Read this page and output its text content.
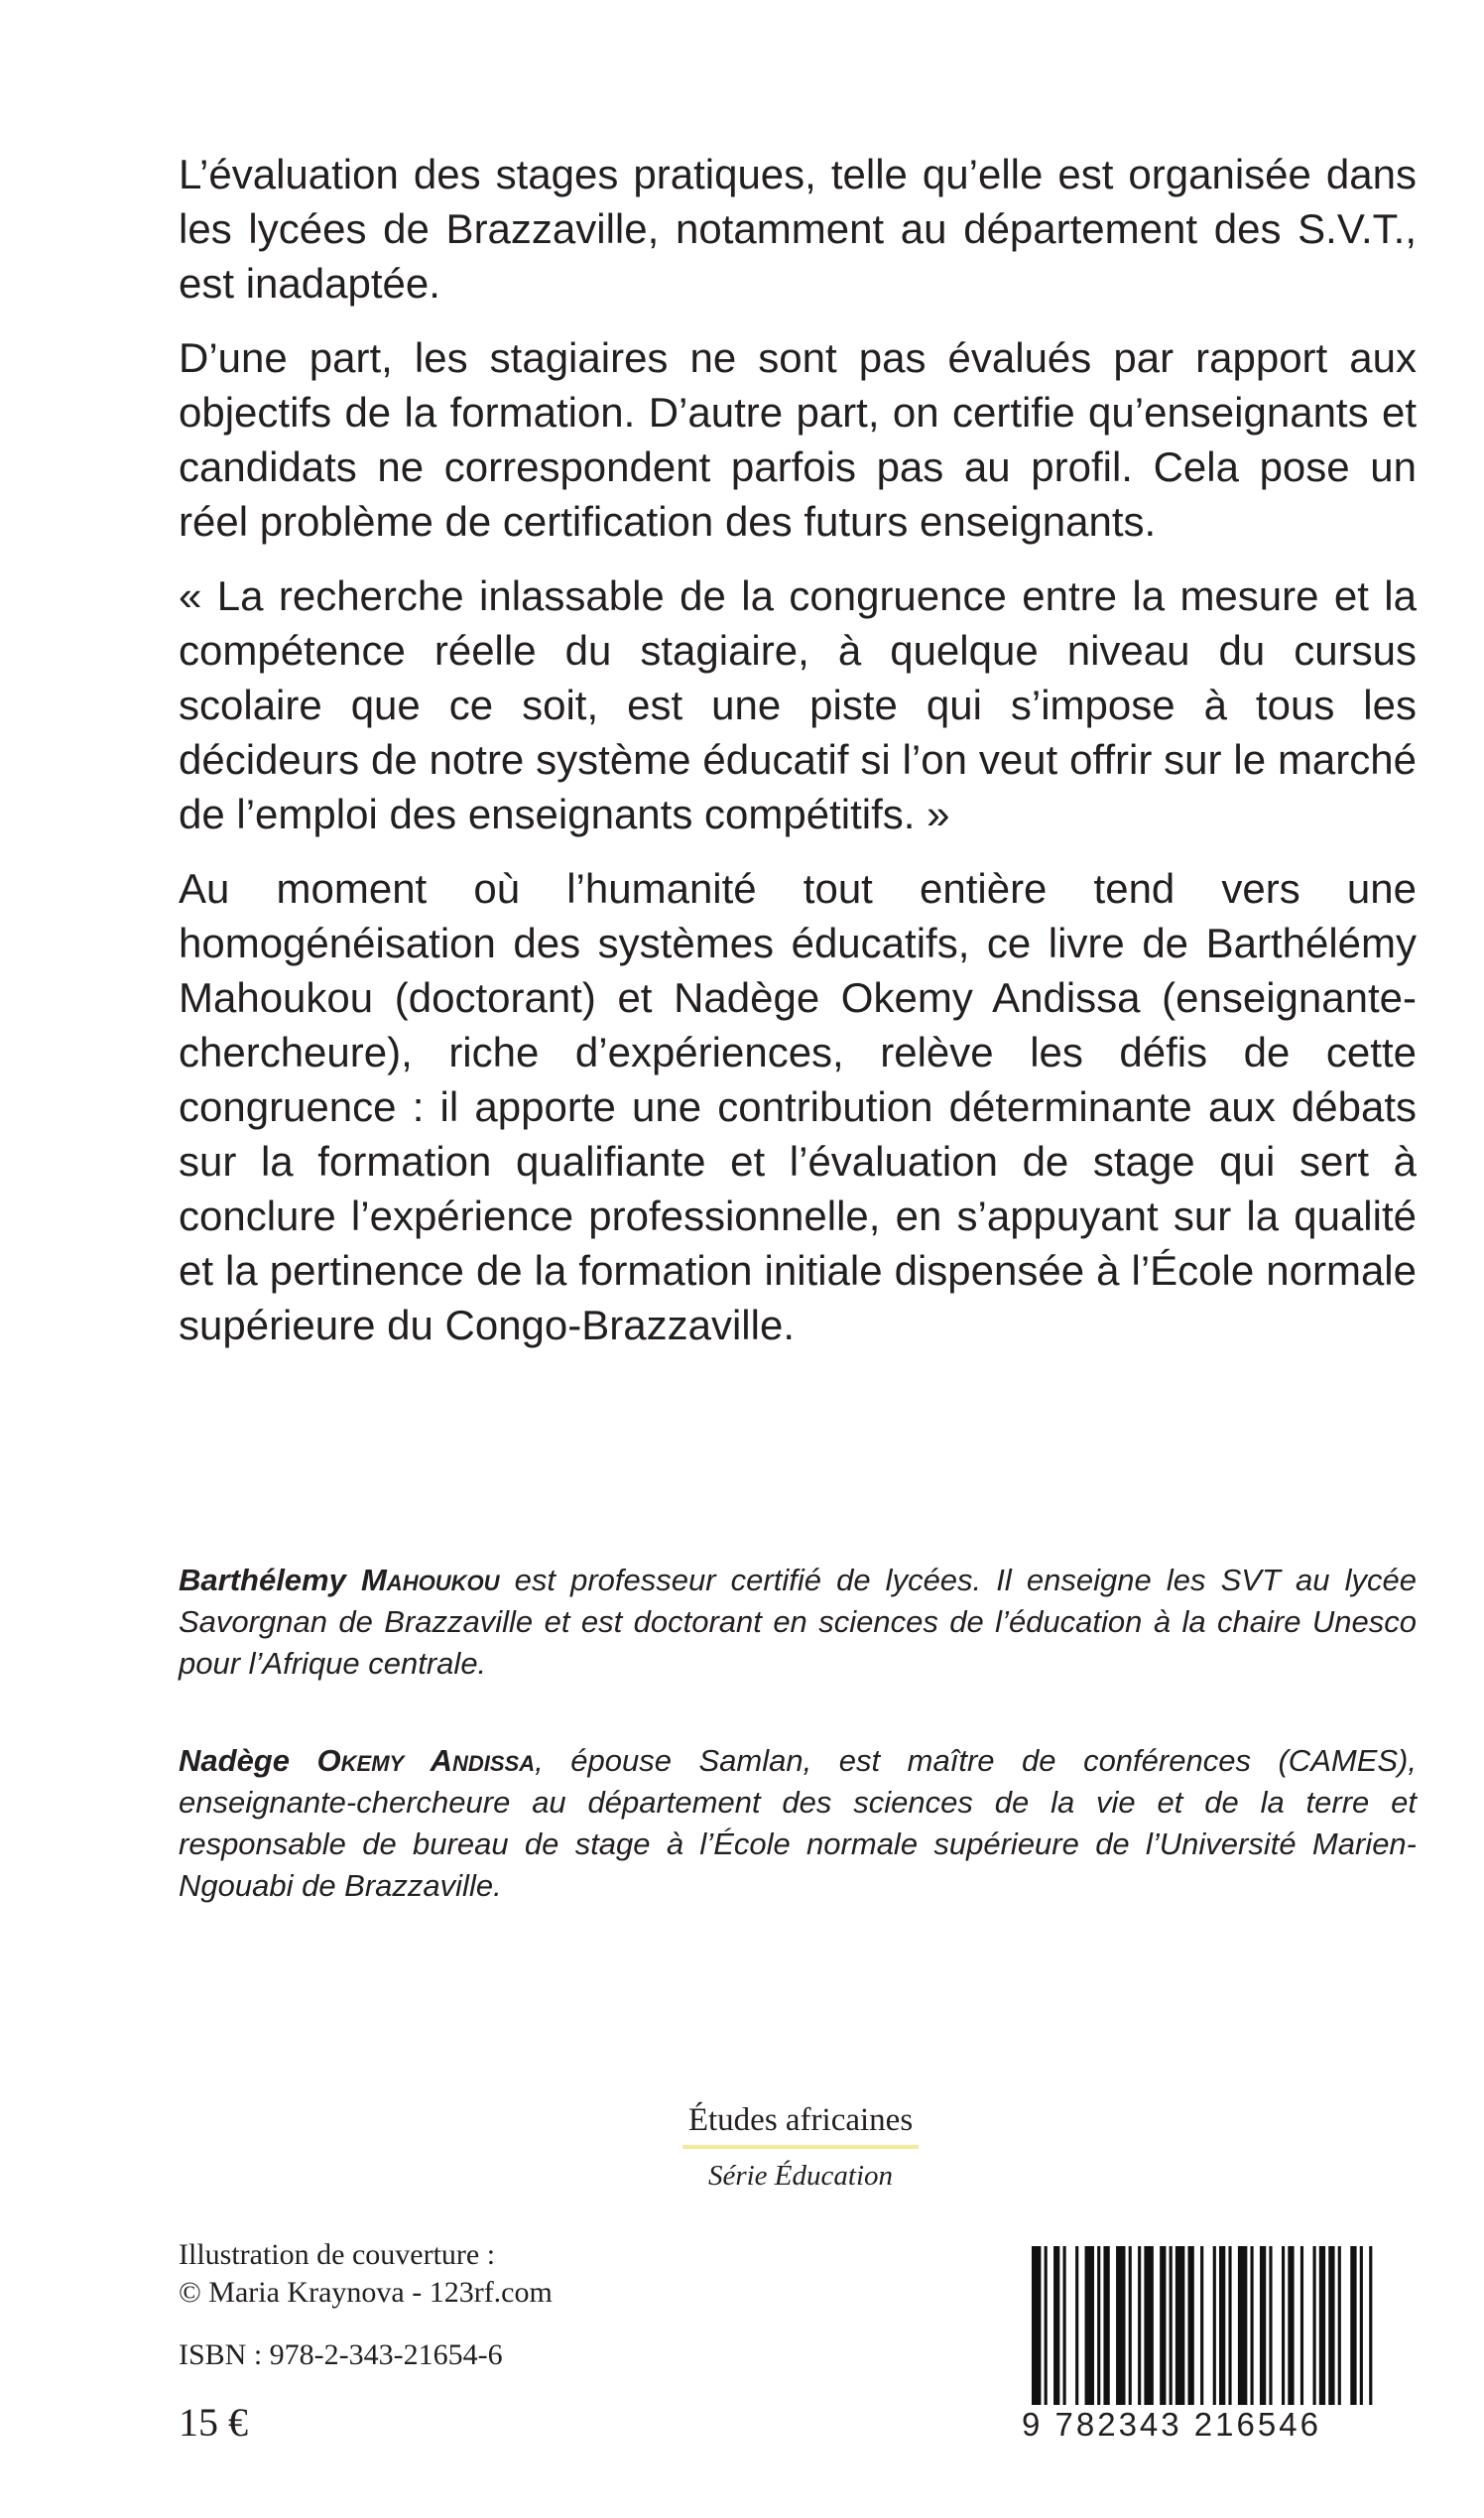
L’évaluation des stages pratiques, telle qu’elle est organisée dans les lycées de Brazzaville, notamment au département des S.V.T., est inadaptée.

D’une part, les stagiaires ne sont pas évalués par rapport aux objectifs de la formation. D’autre part, on certifie qu’enseignants et candidats ne correspondent parfois pas au profil. Cela pose un réel problème de certification des futurs enseignants.

« La recherche inlassable de la congruence entre la mesure et la compétence réelle du stagiaire, à quelque niveau du cursus scolaire que ce soit, est une piste qui s’impose à tous les décideurs de notre système éducatif si l’on veut offrir sur le marché de l’emploi des enseignants compétitifs. »

Au moment où l’humanité tout entière tend vers une homogénéisation des systèmes éducatifs, ce livre de Barthélémy Mahoukou (doctorant) et Nadège Okemy Andissa (enseignante-chercheure), riche d’expériences, relève les défis de cette congruence : il apporte une contribution déterminante aux débats sur la formation qualifiante et l’évaluation de stage qui sert à conclure l’expérience professionnelle, en s’appuyant sur la qualité et la pertinence de la formation initiale dispensée à l’École normale supérieure du Congo-Brazzaville.

Barthélemy Mahoukou est professeur certifié de lycées. Il enseigne les SVT au lycée Savorgnan de Brazzaville et est doctorant en sciences de l’éducation à la chaire Unesco pour l’Afrique centrale.
Nadège Okemy Andissa, épouse Samlan, est maître de conférences (CAMES), enseignante-chercheure au département des sciences de la vie et de la terre et responsable de bureau de stage à l’École normale supérieure de l’Université Marien-Ngouabi de Brazzaville.
Études africaines
Série Éducation
Illustration de couverture :
© Maria Kraynova - 123rf.com
ISBN : 978-2-343-21654-6
15 €	9 782343 216546
